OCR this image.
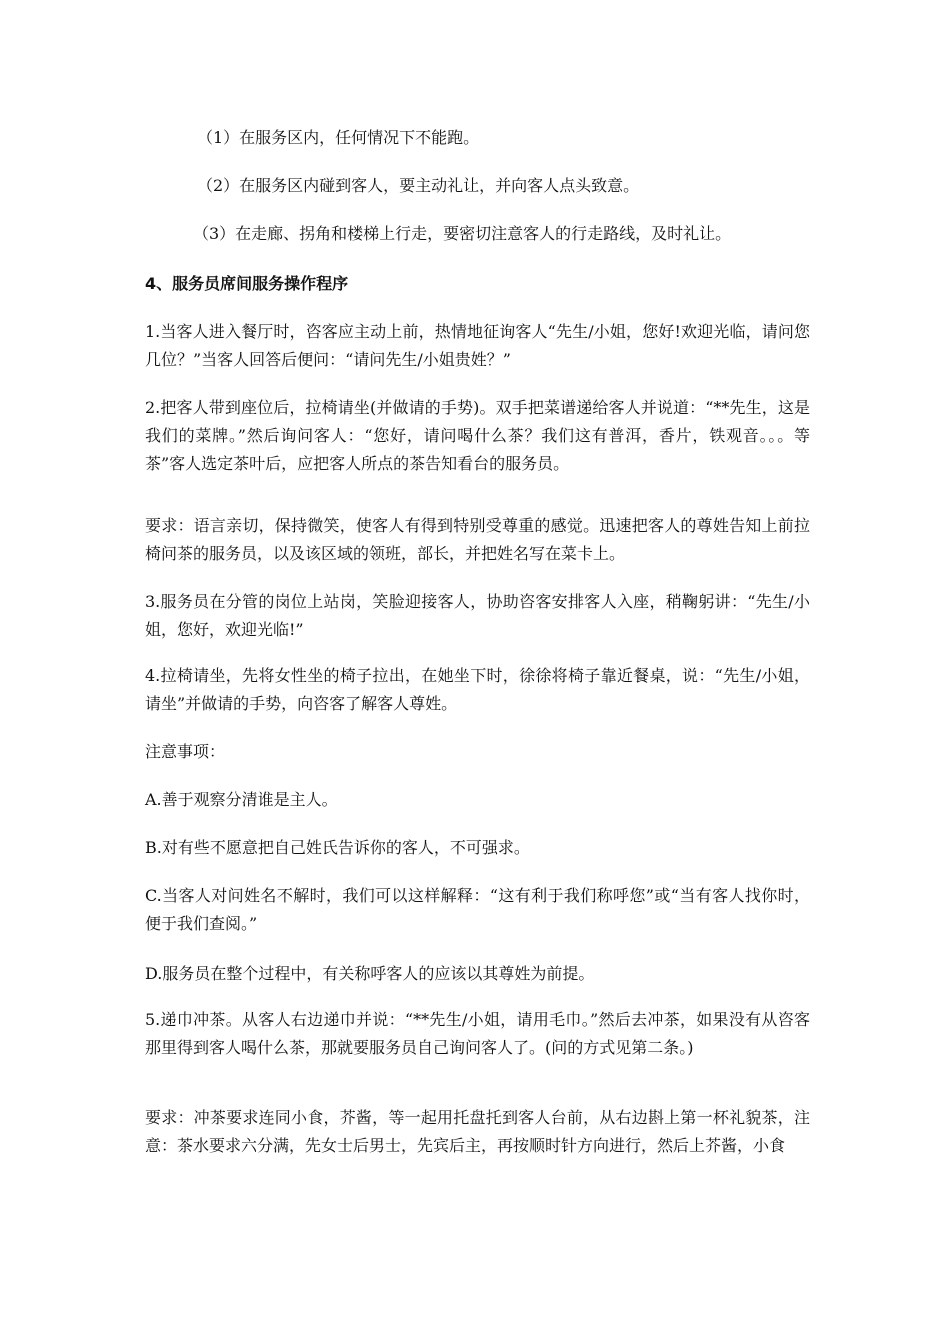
（1）在服务区内，任何情况下不能跑。

（2）在服务区内碰到客人，要主动礼让，并向客人点头致意。

（3）在走廊、拐角和楼梯上行走，要密切注意客人的行走路线，及时礼让。

4、服务员席间服务操作程序

1.当客人进入餐厅时，咨客应主动上前，热情地征询客人“先生/小姐，您好!欢迎光临，请问您几位？”当客人回答后便问：“请问先生/小姐贵姓？”

2.把客人带到座位后，拉椅请坐(并做请的手势)。双手把菜谱递给客人并说道：“**先生，这是我们的菜牌。”然后询问客人：“您好，请问喝什么茶？我们这有普洱，香片，铁观音。。。等茶”客人选定茶叶后，应把客人所点的茶告知看台的服务员。

要求：语言亲切，保持微笑，使客人有得到特别受尊重的感觉。迅速把客人的尊姓告知上前拉椅问茶的服务员，以及该区域的领班，部长，并把姓名写在菜卡上。

3.服务员在分管的岗位上站岗，笑脸迎接客人，协助咨客安排客人入座，稍鞠躬讲：“先生/小姐，您好，欢迎光临!”

4.拉椅请坐，先将女性坐的椅子拉出，在她坐下时，徐徐将椅子靠近餐桌，说：“先生/小姐，请坐”并做请的手势，向咨客了解客人尊姓。

注意事项：

A.善于观察分清谁是主人。

B.对有些不愿意把自己姓氏告诉你的客人，不可强求。

C.当客人对问姓名不解时，我们可以这样解释：“这有利于我们称呼您”或“当有客人找你时，便于我们查阅。”

D.服务员在整个过程中，有关称呼客人的应该以其尊姓为前提。

5.递巾冲茶。从客人右边递巾并说：“**先生/小姐，请用毛巾。”然后去冲茶，如果没有从咨客那里得到客人喝什么茶，那就要服务员自己询问客人了。(问的方式见第二条。)

要求：冲茶要求连同小食，芥酱，等一起用托盘托到客人台前，从右边斟上第一杯礼貌茶，注意：茶水要求六分满，先女士后男士，先宾后主，再按顺时针方向进行，然后上芥酱，小食
